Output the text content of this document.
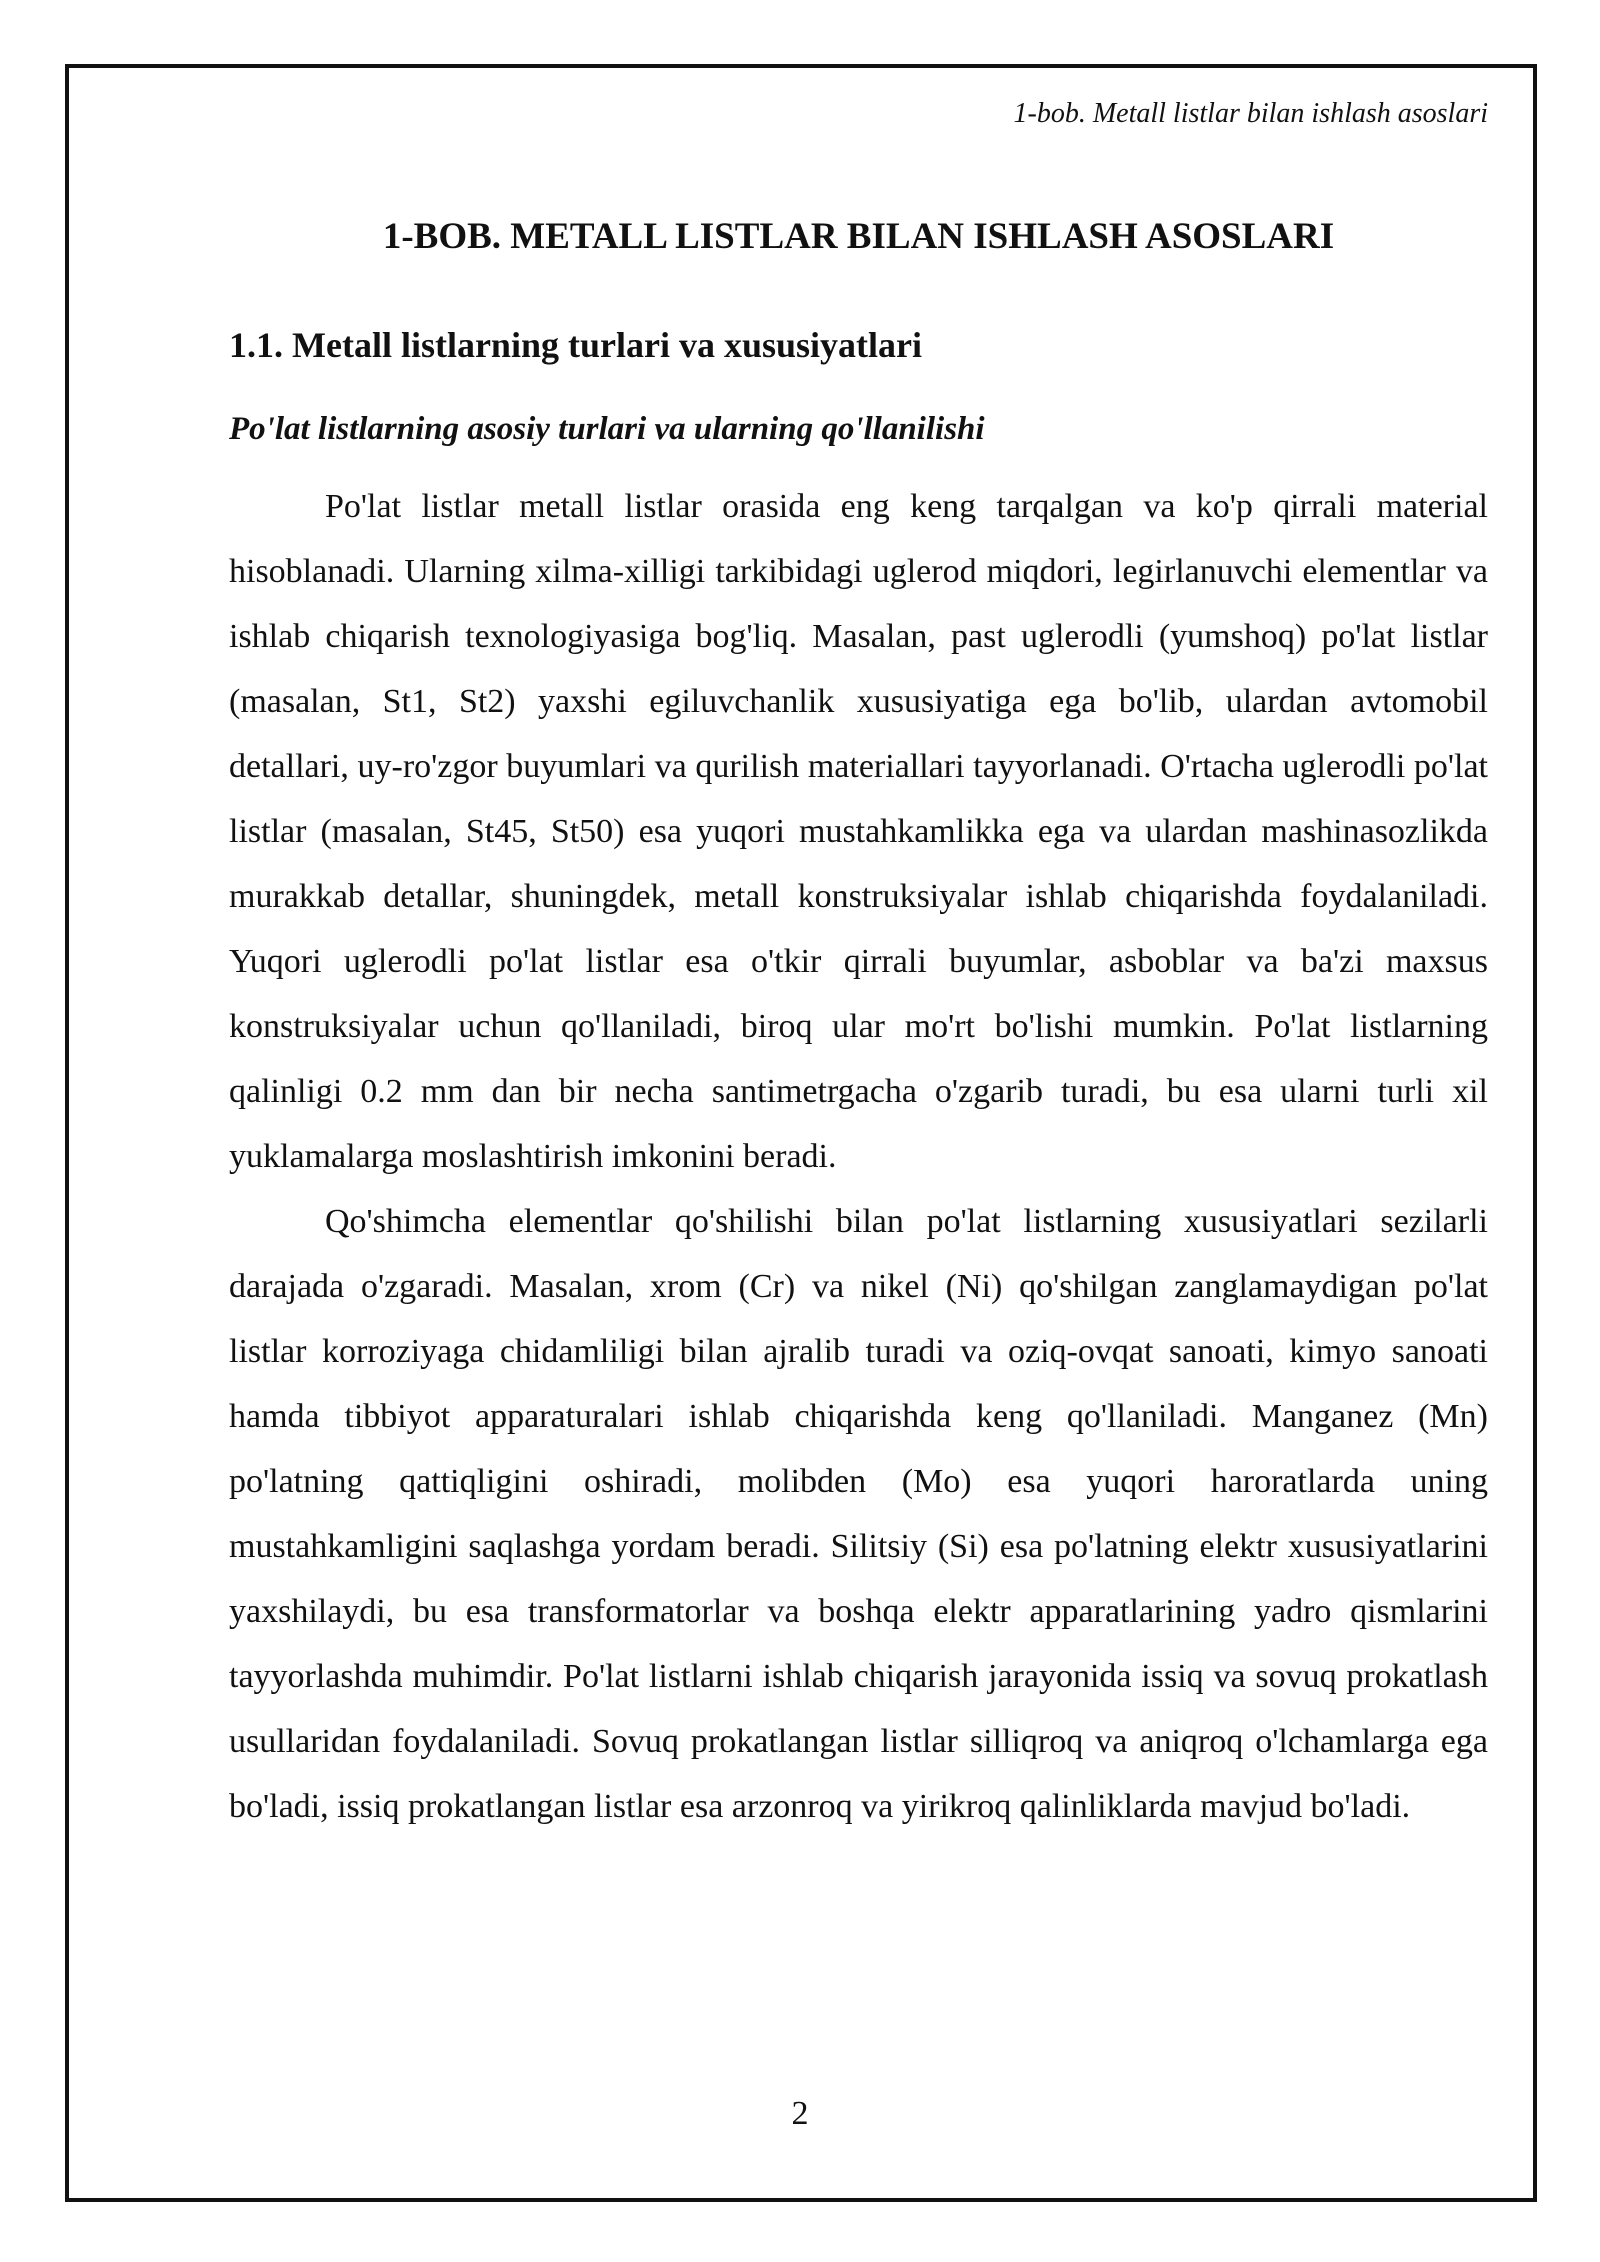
1-bob. Metall listlar bilan ishlash asoslari
1-BOB. METALL LISTLAR BILAN ISHLASH ASOSLARI
1.1. Metall listlarning turlari va xususiyatlari
Po'lat listlarning asosiy turlari va ularning qo'llanilishi

Po'lat listlar metall listlar orasida eng keng tarqalgan va ko'p qirrali material hisoblanadi. Ularning xilma-xilligi tarkibidagi uglerod miqdori, legirlanuvchi elementlar va ishlab chiqarish texnologiyasiga bog'liq. Masalan, past uglerodli (yumshoq) po'lat listlar (masalan, St1, St2) yaxshi egiluvchanlik xususiyatiga ega bo'lib, ulardan avtomobil detallari, uy-ro'zgor buyumlari va qurilish materiallari tayyorlanadi. O'rtacha uglerodli po'lat listlar (masalan, St45, St50) esa yuqori mustahkamlikka ega va ulardan mashinasozlikda murakkab detallar, shuningdek, metall konstruksiyalar ishlab chiqarishda foydalaniladi. Yuqori uglerodli po'lat listlar esa o'tkir qirrali buyumlar, asboblar va ba'zi maxsus konstruksiyalar uchun qo'llaniladi, biroq ular mo'rt bo'lishi mumkin. Po'lat listlarning qalinligi 0.2 mm dan bir necha santimetrgacha o'zgarib turadi, bu esa ularni turli xil yuklamalarga moslashtirish imkonini beradi.

Qo'shimcha elementlar qo'shilishi bilan po'lat listlarning xususiyatlari sezilarli darajada o'zgaradi. Masalan, xrom (Cr) va nikel (Ni) qo'shilgan zanglamaydigan po'lat listlar korroziyaga chidamliligi bilan ajralib turadi va oziq-ovqat sanoati, kimyo sanoati hamda tibbiyot apparaturalari ishlab chiqarishda keng qo'llaniladi. Manganez (Mn) po'latning qattiqligini oshiradi, molibden (Mo) esa yuqori haroratlarda uning mustahkamligini saqlashga yordam beradi. Silitsiy (Si) esa po'latning elektr xususiyatlarini yaxshilaydi, bu esa transformatorlar va boshqa elektr apparatlarining yadro qismlarini tayyorlashda muhimdir. Po'lat listlarni ishlab chiqarish jarayonida issiq va sovuq prokatlash usullaridan foydalaniladi. Sovuq prokatlangan listlar silliqroq va aniqroq o'lchamlarga ega bo'ladi, issiq prokatlangan listlar esa arzonroq va yirikroq qalinliklarda mavjud bo'ladi.

2
